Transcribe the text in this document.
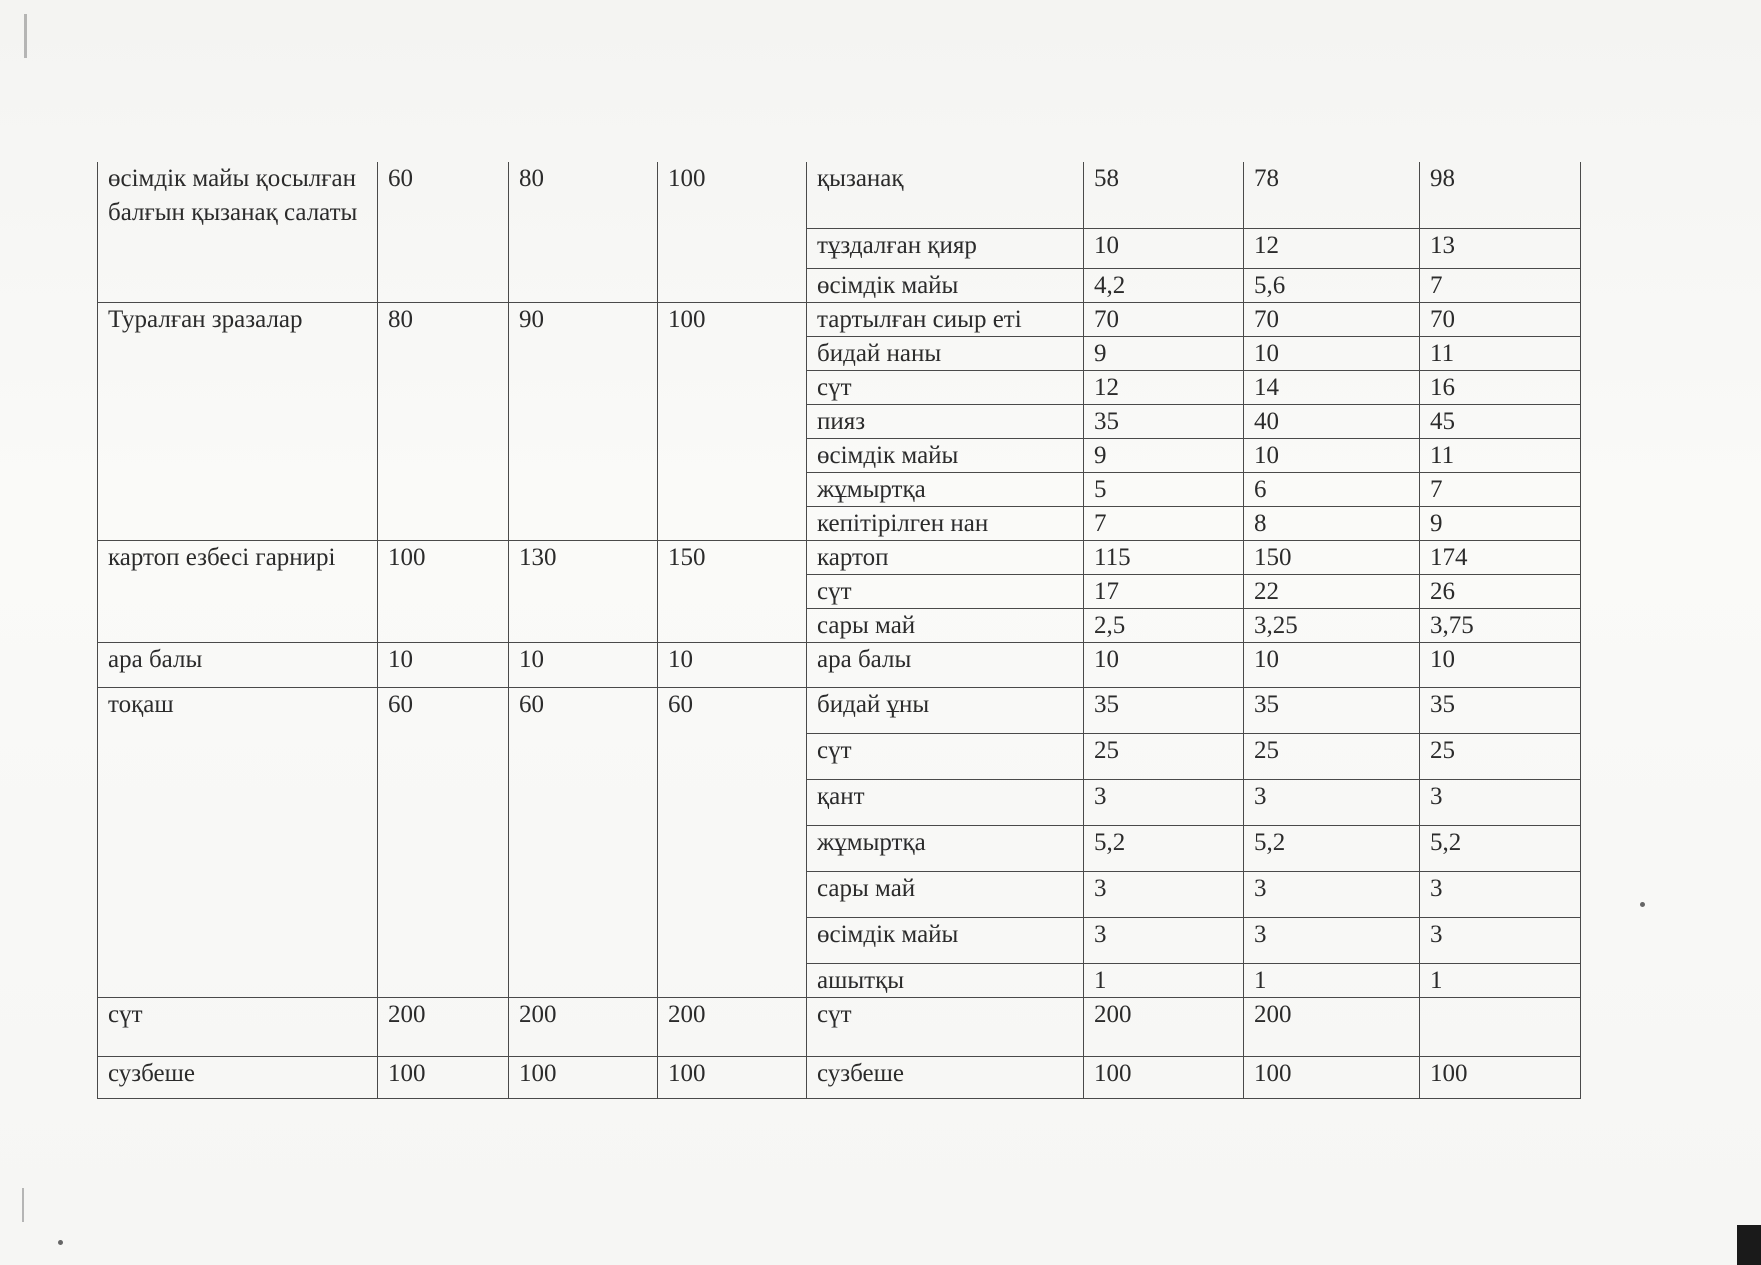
өсімдік майы қосылған балғын қызанақ салаты	60	80	100	қызанақ	58	78	98
				тұздалған қияр	10	12	13
				өсімдік майы	4,2	5,6	7
Туралған зразалар	80	90	100	тартылған сиыр еті	70	70	70
				бидай наны	9	10	11
				сүт	12	14	16
				пияз	35	40	45
				өсімдік майы	9	10	11
				жұмыртқа	5	6	7
				кепітірілген нан	7	8	9
картоп езбесі гарнирі	100	130	150	картоп	115	150	174
				сүт	17	22	26
				сары май	2,5	3,25	3,75
ара балы	10	10	10	ара балы	10	10	10
тоқаш	60	60	60	бидай ұны	35	35	35
				сүт	25	25	25
				қант	3	3	3
				жұмыртқа	5,2	5,2	5,2
				сары май	3	3	3
				өсімдік майы	3	3	3
				ашытқы	1	1	1
сүт	200	200	200	сүт	200	200	
сузбеше	100	100	100	сузбеше	100	100	100
